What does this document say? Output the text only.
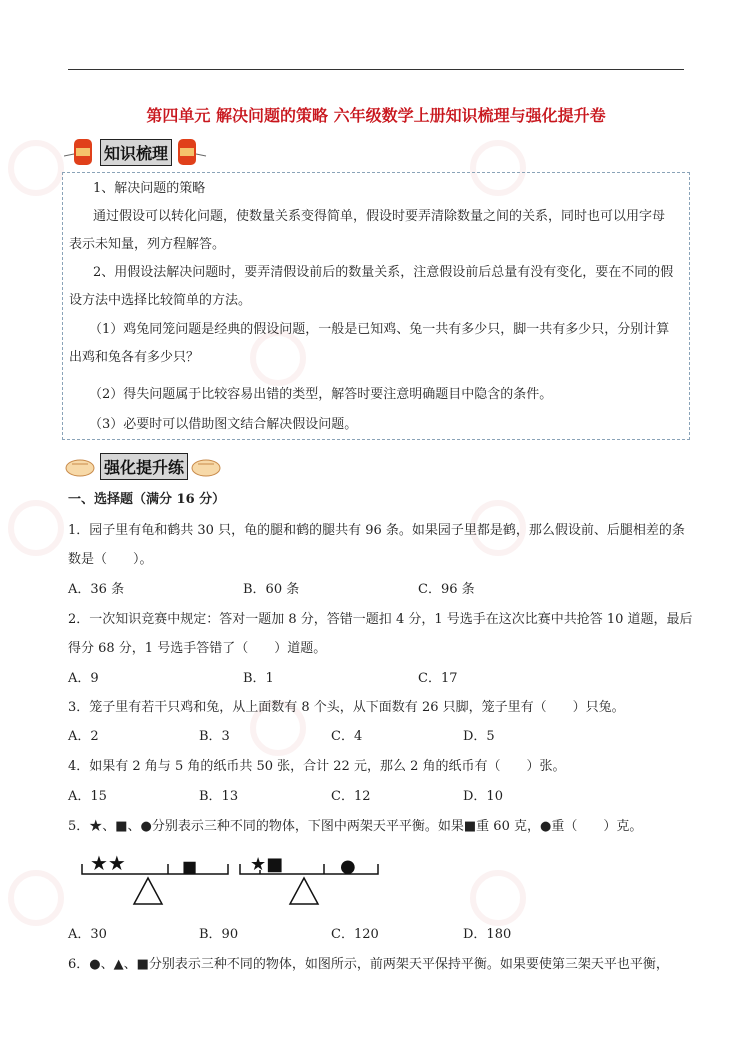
第四单元 解决问题的策略 六年级数学上册知识梳理与强化提升卷
知识梳理
1、解决问题的策略
通过假设可以转化问题，使数量关系变得简单，假设时要弄清除数量之间的关系，同时也可以用字母
表示未知量，列方程解答。
2、用假设法解决问题时，要弄清假设前后的数量关系，注意假设前后总量有没有变化，要在不同的假
设方法中选择比较简单的方法。
（1）鸡兔同笼问题是经典的假设问题，一般是已知鸡、兔一共有多少只，脚一共有多少只，分别计算
出鸡和兔各有多少只？
（2）得失问题属于比较容易出错的类型，解答时要注意明确题目中隐含的条件。
（3）必要时可以借助图文结合解决假设问题。
强化提升练
一、选择题（满分 16 分）
1．园子里有龟和鹤共 30 只，龟的腿和鹤的腿共有 96 条。如果园子里都是鹤，那么假设前、后腿相差的条
数是（　　）。
A．36 条	B．60 条	C．96 条
2．一次知识竞赛中规定：答对一题加 8 分，答错一题扣 4 分，1 号选手在这次比赛中共抢答 10 道题，最后
得分 68 分，1 号选手答错了（　　）道题。
A．9	B．1	C．17
3．笼子里有若干只鸡和兔，从上面数有 8 个头，从下面数有 26 只脚，笼子里有（　　）只兔。
A．2	B．3	C．4	D．5
4．如果有 2 角与 5 角的纸币共 50 张，合计 22 元，那么 2 角的纸币有（　　）张。
A．15	B．13	C．12	D．10
5．★、■、●分别表示三种不同的物体，下图中两架天平平衡。如果■重 60 克，●重（　　）克。
★★	■	★■	●
A．30	B．90	C．120	D．180
6．●、▲、■分别表示三种不同的物体，如图所示，前两架天平保持平衡。如果要使第三架天平也平衡，
